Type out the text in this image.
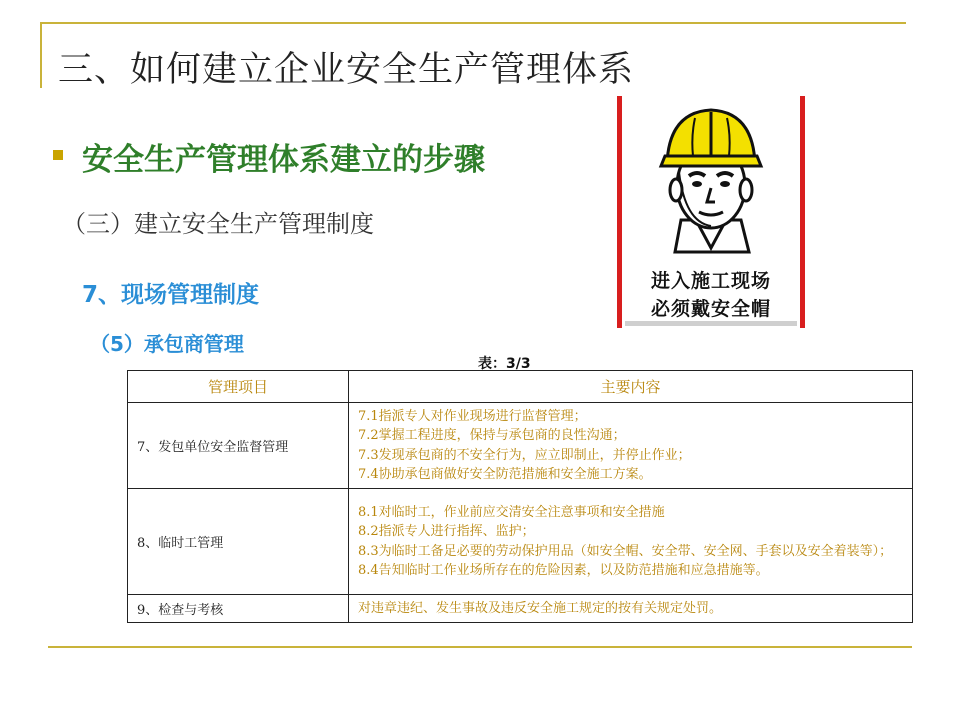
三、如何建立企业安全生产管理体系
安全生产管理体系建立的步骤
（三）建立安全生产管理制度
7、现场管理制度
（5）承包商管理
进入施工现场
必须戴安全帽
表：3/3
管理项目	主要内容
7、发包单位安全监督管理	7.1指派专人对作业现场进行监督管理；
7.2掌握工程进度，保持与承包商的良性沟通；
7.3发现承包商的不安全行为，应立即制止，并停止作业；
7.4协助承包商做好安全防范措施和安全施工方案。

8、临时工管理	8.1对临时工，作业前应交清安全注意事项和安全措施
8.2指派专人进行指挥、监护；
8.3为临时工备足必要的劳动保护用品（如安全帽、安全带、安全网、手套以及安全着装等）；
8.4告知临时工作业场所存在的危险因素，以及防范措施和应急措施等。

9、检查与考核	对违章违纪、发生事故及违反安全施工规定的按有关规定处罚。
